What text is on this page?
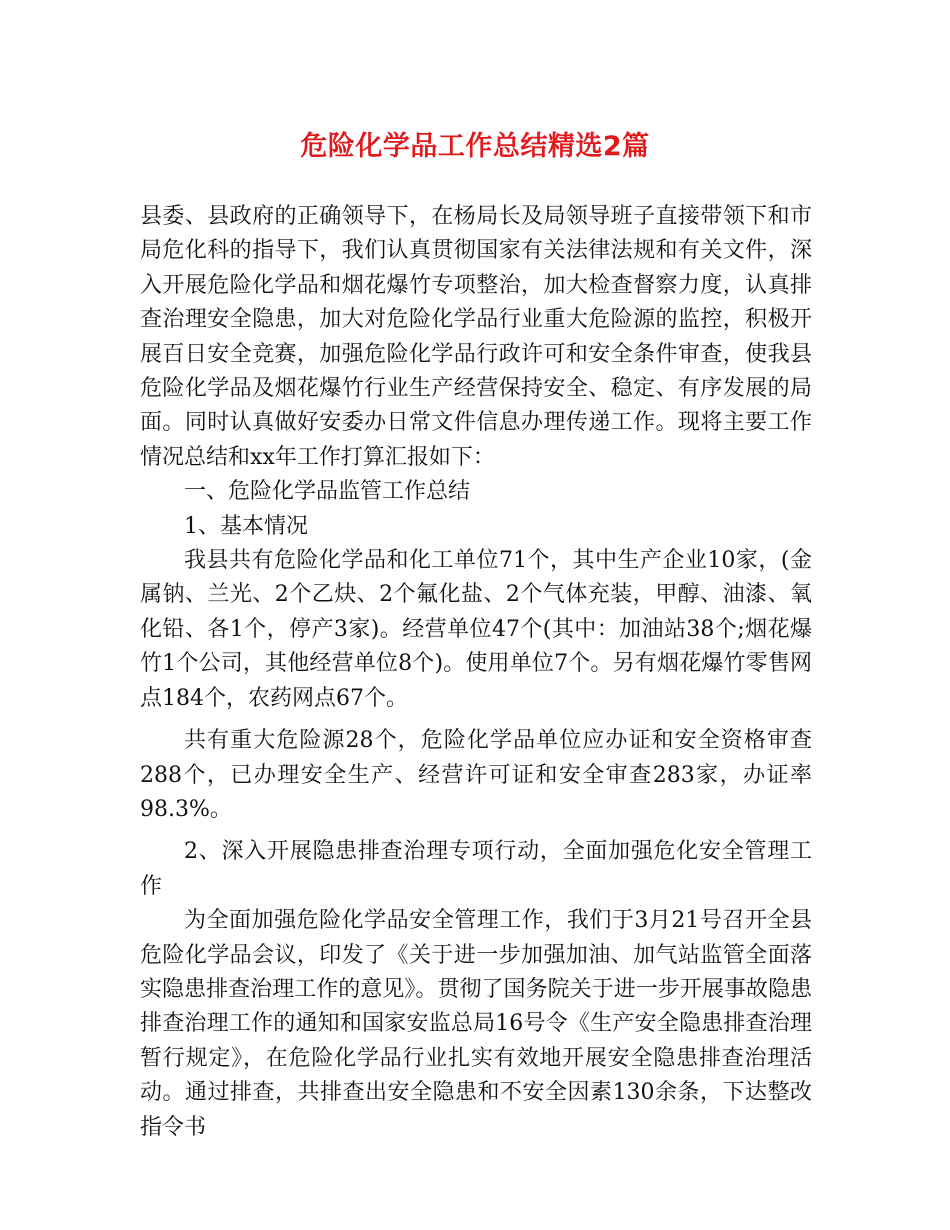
危险化学品工作总结精选2篇

县委、县政府的正确领导下，在杨局长及局领导班子直接带领下和市局危化科的指导下，我们认真贯彻国家有关法律法规和有关文件，深入开展危险化学品和烟花爆竹专项整治，加大检查督察力度，认真排查治理安全隐患，加大对危险化学品行业重大危险源的监控，积极开展百日安全竞赛，加强危险化学品行政许可和安全条件审查，使我县危险化学品及烟花爆竹行业生产经营保持安全、稳定、有序发展的局面。同时认真做好安委办日常文件信息办理传递工作。现将主要工作情况总结和xx年工作打算汇报如下：

一、危险化学品监管工作总结

1、基本情况

我县共有危险化学品和化工单位71个，其中生产企业10家，(金属钠、兰光、2个乙炔、2个氟化盐、2个气体充装，甲醇、油漆、氧化铅、各1个，停产3家)。经营单位47个(其中：加油站38个;烟花爆竹1个公司，其他经营单位8个)。使用单位7个。另有烟花爆竹零售网点184个，农药网点67个。

共有重大危险源28个，危险化学品单位应办证和安全资格审查288个，已办理安全生产、经营许可证和安全审查283家，办证率98.3%。

2、深入开展隐患排查治理专项行动，全面加强危化安全管理工作

为全面加强危险化学品安全管理工作，我们于3月21号召开全县危险化学品会议，印发了《关于进一步加强加油、加气站监管全面落实隐患排查治理工作的意见》。贯彻了国务院关于进一步开展事故隐患排查治理工作的通知和国家安监总局16号令《生产安全隐患排查治理暂行规定》，在危险化学品行业扎实有效地开展安全隐患排查治理活动。通过排查，共排查出安全隐患和不安全因素130余条，下达整改指令书
